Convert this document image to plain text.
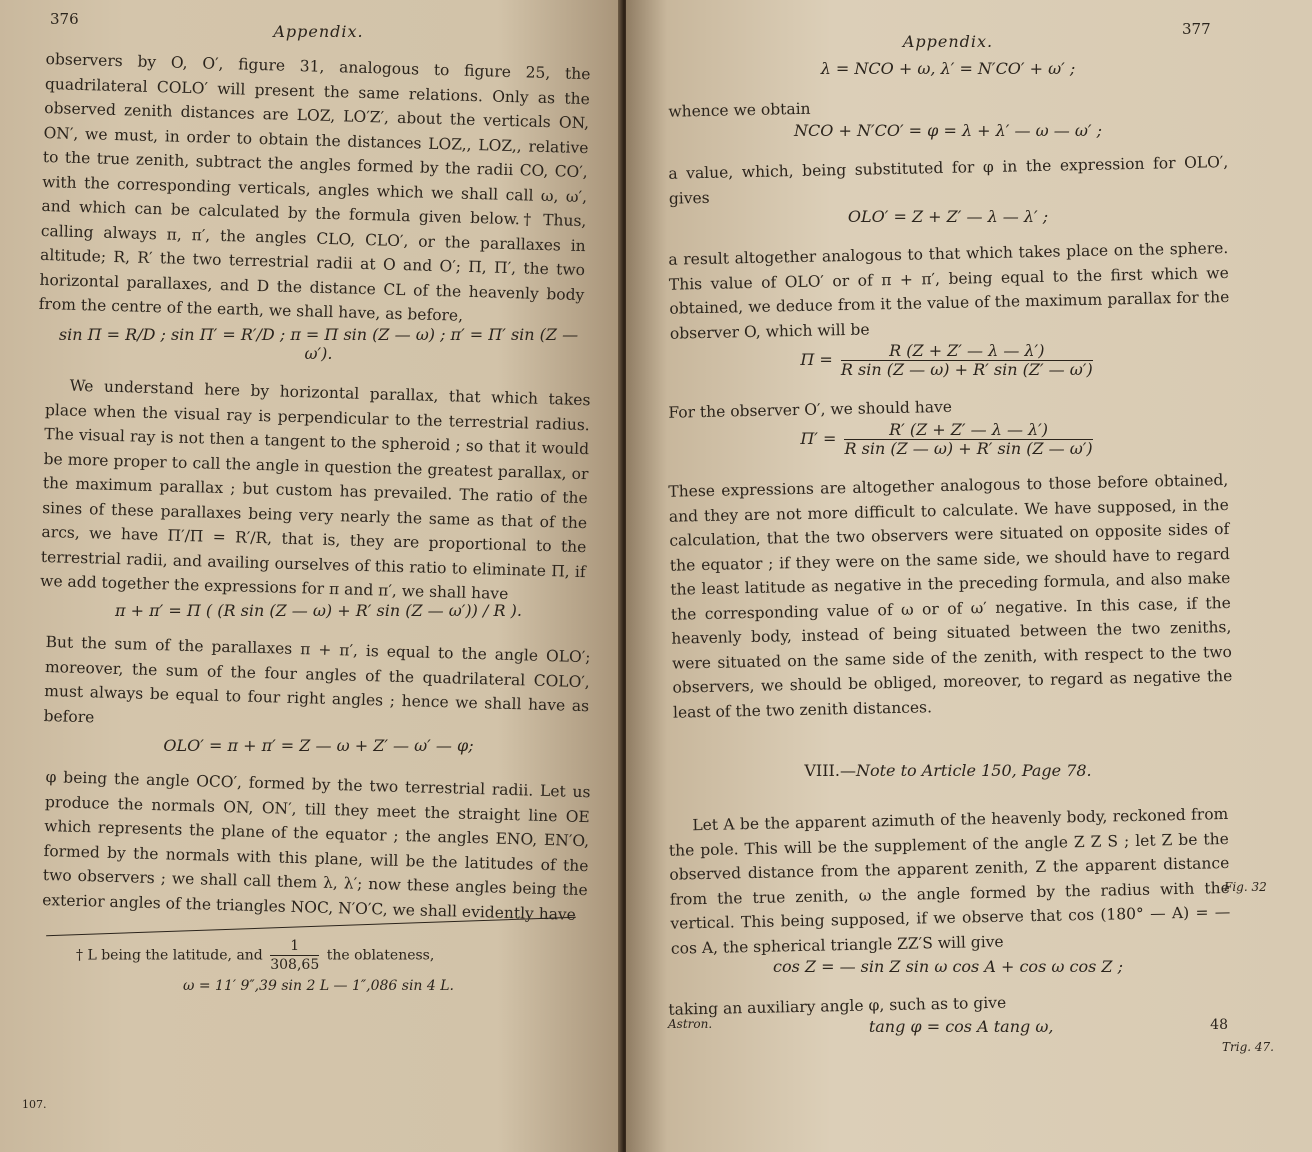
376
Appendix.

observers by O, O′, figure 31, analogous to figure 25, the quadrilateral COLO′ will present the same relations. Only as the observed zenith distances are LOZ, LO′Z′, about the verticals ON, ON′, we must, in order to obtain the distances LOZ,, LOZ,, relative to the true zenith, subtract the angles formed by the radii CO, CO′, with the corresponding verticals, angles which we shall call ω, ω′, and which can be calculated by the formula given below.† Thus, calling always π, π′, the angles CLO, CLO′, or the parallaxes in altitude; R, R′ the two terrestrial radii at O and O′; Π, Π′, the two horizontal parallaxes, and D the distance CL of the heavenly body from the centre of the earth, we shall have, as before,

sin Π = R/D ; sin Π′ = R′/D ; π = Π sin (Z — ω) ; π′ = Π′ sin (Z — ω′).

We understand here by horizontal parallax, that which takes place when the visual ray is perpendicular to the terrestrial radius. The visual ray is not then a tangent to the spheroid ; so that it would be more proper to call the angle in question the greatest parallax, or the maximum parallax ; but custom has prevailed. The ratio of the sines of these parallaxes being very nearly the same as that of the arcs, we have Π′/Π = R′/R, that is, they are proportional to the terrestrial radii, and availing ourselves of this ratio to eliminate Π, if we add together the expressions for π and π′, we shall have

π + π′ = Π ( (R sin (Z — ω) + R′ sin (Z — ω′)) / R ).

But the sum of the parallaxes π + π′, is equal to the angle OLO′; moreover, the sum of the four angles of the quadrilateral COLO′, must always be equal to four right angles ; hence we shall have as before

OLO′ = π + π′ = Z — ω + Z′ — ω′ — φ;

φ being the angle OCO′, formed by the two terrestrial radii. Let us produce the normals ON, ON′, till they meet the straight line OE which represents the plane of the equator ; the angles ENO, EN′O, formed by the normals with this plane, will be the latitudes of the two observers ; we shall call them λ, λ′; now these angles being the exterior angles of the triangles NOC, N′O′C, we shall evidently have

† L being the latitude, and $\frac{1}{308,65}$ the oblateness,
ω = 11′ 9″,39 sin 2 L — 1″,086 sin 4 L.
107.
377
Appendix.
λ = NCO + ω, λ′ = N′CO′ + ω′ ;

whence we obtain

NCO + N′CO′ = φ = λ + λ′ — ω — ω′ ;

a value, which, being substituted for φ in the expression for OLO′, gives

OLO′ = Z + Z′ — λ — λ′ ;

a result altogether analogous to that which takes place on the sphere. This value of OLO′ or of π + π′, being equal to the first which we obtained, we deduce from it the value of the maximum parallax for the observer O, which will be

$\Pi = \frac{R (Z + Z' — \lambda — \lambda')}{\text{R sin (Z — ω) + R′ sin (Z′ — ω′)}}$

For the observer O′, we should have

$\Pi' = \frac{R' (Z + Z' — \lambda — \lambda')}{\text{R sin (Z — ω) + R′ sin (Z — ω′)}}$

These expressions are altogether analogous to those before obtained, and they are not more difficult to calculate. We have supposed, in the calculation, that the two observers were situated on opposite sides of the equator ; if they were on the same side, we should have to regard the least latitude as negative in the preceding formula, and also make the corresponding value of ω or of ω′ negative. In this case, if the heavenly body, instead of being situated between the two zeniths, were situated on the same side of the zenith, with respect to the two observers, we should be obliged, moreover, to regard as negative the least of the two zenith distances.

VIII.—Note to Article 150, Page 78.

Let A be the apparent azimuth of the heavenly body, reckoned from the pole. This will be the supplement of the angle Z Z S ; let Z be the observed distance from the apparent zenith, Z the apparent distance from the true zenith, ω the angle formed by the radius with the vertical. This being supposed, if we observe that cos (180° — A) = — cos A, the spherical triangle ZZ′S will give

cos Z = — sin Z sin ω cos A + cos ω cos Z ;

taking an auxiliary angle φ, such as to give

Astron.	tang φ = cos A tang ω,	48
Fig. 32
Trig. 47.
